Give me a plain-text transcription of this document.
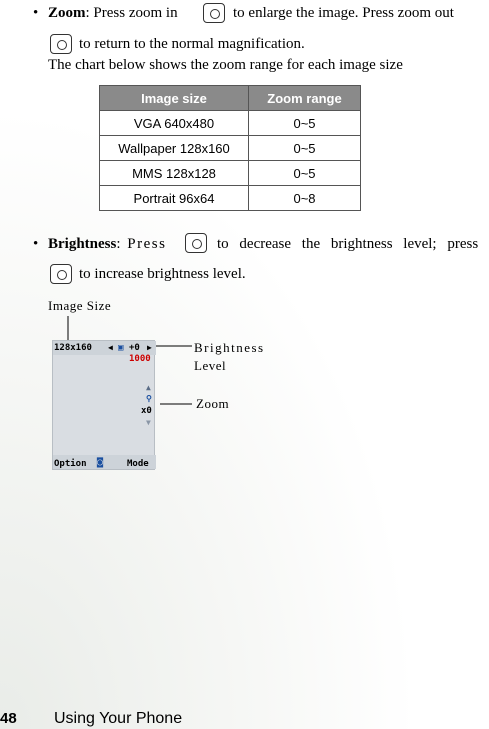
• Zoom: Press zoom in	to enlarge the image. Press zoom out
to return to the normal magnification.
The chart below shows the zoom range for each image size
Image size	Zoom range
VGA 640x480	0~5
Wallpaper 128x160	0~5
MMS 128x128	0~5
Portrait 96x64	0~8
• Brightness: Press	to decrease the brightness level; press
to increase brightness level.
Image Size
Brightness
Level
Zoom
128x160 ◀ ▣ +0 ▶
1000
▲
⚲
x0
▼
Option ◙	Mode
48 Using Your Phone
